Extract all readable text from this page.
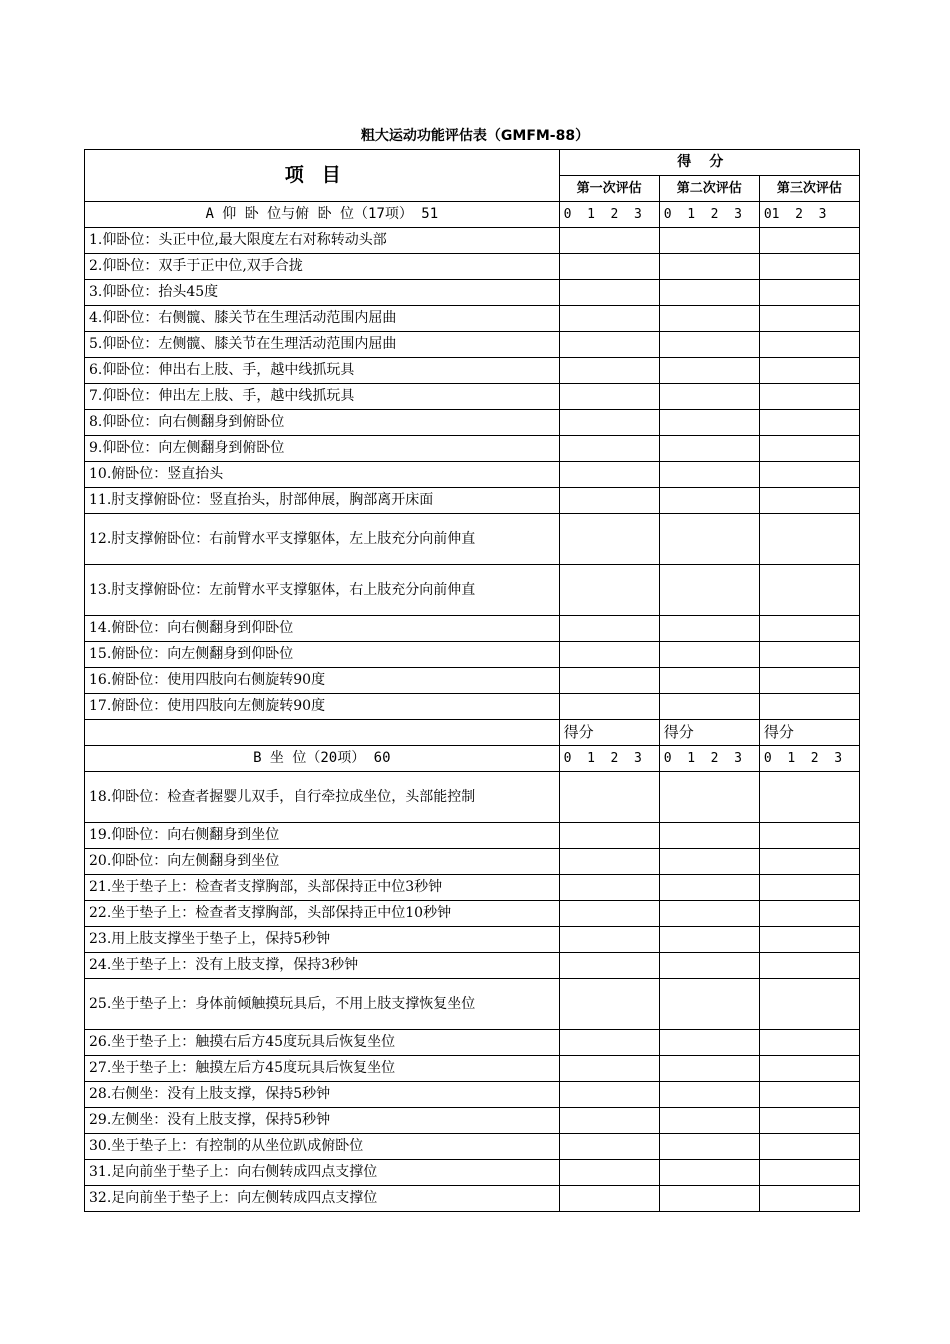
粗大运动功能评估表（GMFM-88）
项目	得分		
	第一次评估	第二次评估	第三次评估
A 仰 卧 位与俯 卧 位（17项） 51	0  1  2  3	0  1  2  3	01  2  3
1.仰卧位：头正中位,最大限度左右对称转动头部			
2.仰卧位：双手于正中位,双手合拢			
3.仰卧位：抬头45度			
4.仰卧位：右侧髋、膝关节在生理活动范围内屈曲			
5.仰卧位：左侧髋、膝关节在生理活动范围内屈曲			
6.仰卧位：伸出右上肢、手，越中线抓玩具			
7.仰卧位：伸出左上肢、手，越中线抓玩具			
8.仰卧位：向右侧翻身到俯卧位			
9.仰卧位：向左侧翻身到俯卧位			
10.俯卧位：竖直抬头			
11.肘支撑俯卧位：竖直抬头，肘部伸展，胸部离开床面			
12.肘支撑俯卧位：右前臂水平支撑躯体，左上肢充分向前伸直			
13.肘支撑俯卧位：左前臂水平支撑躯体，右上肢充分向前伸直			
14.俯卧位：向右侧翻身到仰卧位			
15.俯卧位：向左侧翻身到仰卧位			
16.俯卧位：使用四肢向右侧旋转90度			
17.俯卧位：使用四肢向左侧旋转90度			
	得分	得分	得分
B 坐 位（20项） 60	0  1  2  3	0  1  2  3	0  1  2  3
18.仰卧位：检查者握婴儿双手，自行牵拉成坐位，头部能控制			
19.仰卧位：向右侧翻身到坐位			
20.仰卧位：向左侧翻身到坐位			
21.坐于垫子上：检查者支撑胸部，头部保持正中位3秒钟			
22.坐于垫子上：检查者支撑胸部，头部保持正中位10秒钟			
23.用上肢支撑坐于垫子上，保持5秒钟			
24.坐于垫子上：没有上肢支撑，保持3秒钟			
25.坐于垫子上：身体前倾触摸玩具后，不用上肢支撑恢复坐位			
26.坐于垫子上：触摸右后方45度玩具后恢复坐位			
27.坐于垫子上：触摸左后方45度玩具后恢复坐位			
28.右侧坐：没有上肢支撑，保持5秒钟			
29.左侧坐：没有上肢支撑，保持5秒钟			
30.坐于垫子上：有控制的从坐位趴成俯卧位			
31.足向前坐于垫子上：向右侧转成四点支撑位			
32.足向前坐于垫子上：向左侧转成四点支撑位			
